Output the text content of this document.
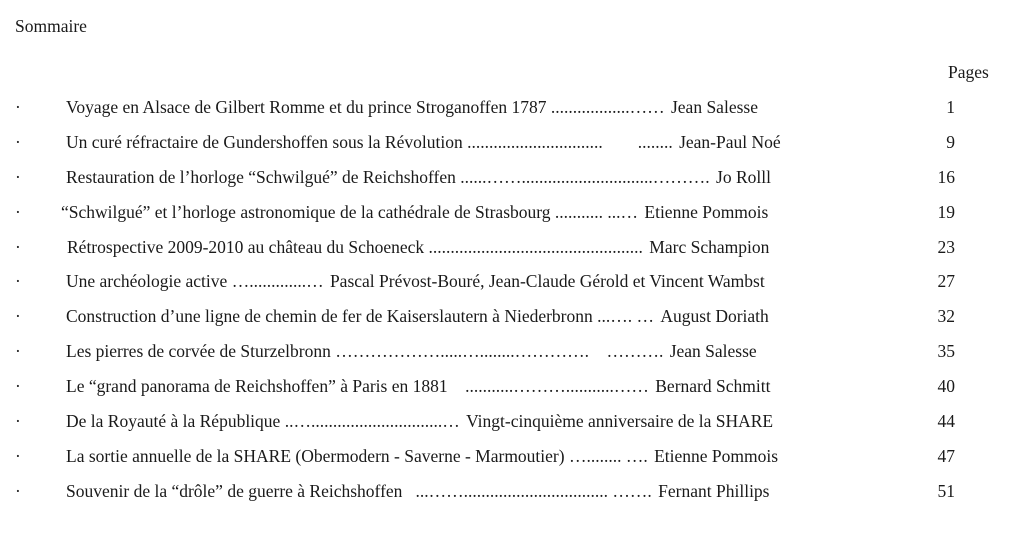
Sommaire
Pages
·	Voyage en Alsace de Gilbert Romme et du prince Stroganoffen 1787 ..................…… Jean Salesse	1
·	Un curé réfractaire de Gundershoffen sous la Révolution ...............................        ........ Jean-Paul Noé	9
·	Restauration de l’horloge “Schwilgué” de Reichshoffen ......……..............................………. Jo Rolll	16
· “Schwilgué” et l’horloge astronomique de la cathédrale de Strasbourg ........... ...… Etienne Pommois	19
·	Rétrospective 2009-2010 au château du Schoeneck ................................................. Marc Schampion	23
·	Une archéologie active ….............… Pascal Prévost-Bouré, Jean-Claude Gérold et Vincent Wambst	27
·	Construction d’une ligne de chemin de fer de Kaiserslautern à Niederbronn ...…. … August Doriath	32
·	Les pierres de corvée de Sturzelbronn ……………….....…........………….    ………. Jean Salesse	35
·	Le “grand panorama de Reichshoffen” à Paris en 1881 ...........………...........…… Bernard Schmitt	40
·	De la Royauté à la République ..…..............................… Vingt-cinquième anniversaire de la SHARE	44
·	La sortie annuelle de la SHARE (Obermodern - Saverne - Marmoutier) …........ …. Etienne Pommois	47
·	Souvenir de la “drôle” de guerre à Reichshoffen ...……................................. ……. Fernant Phillips	51
